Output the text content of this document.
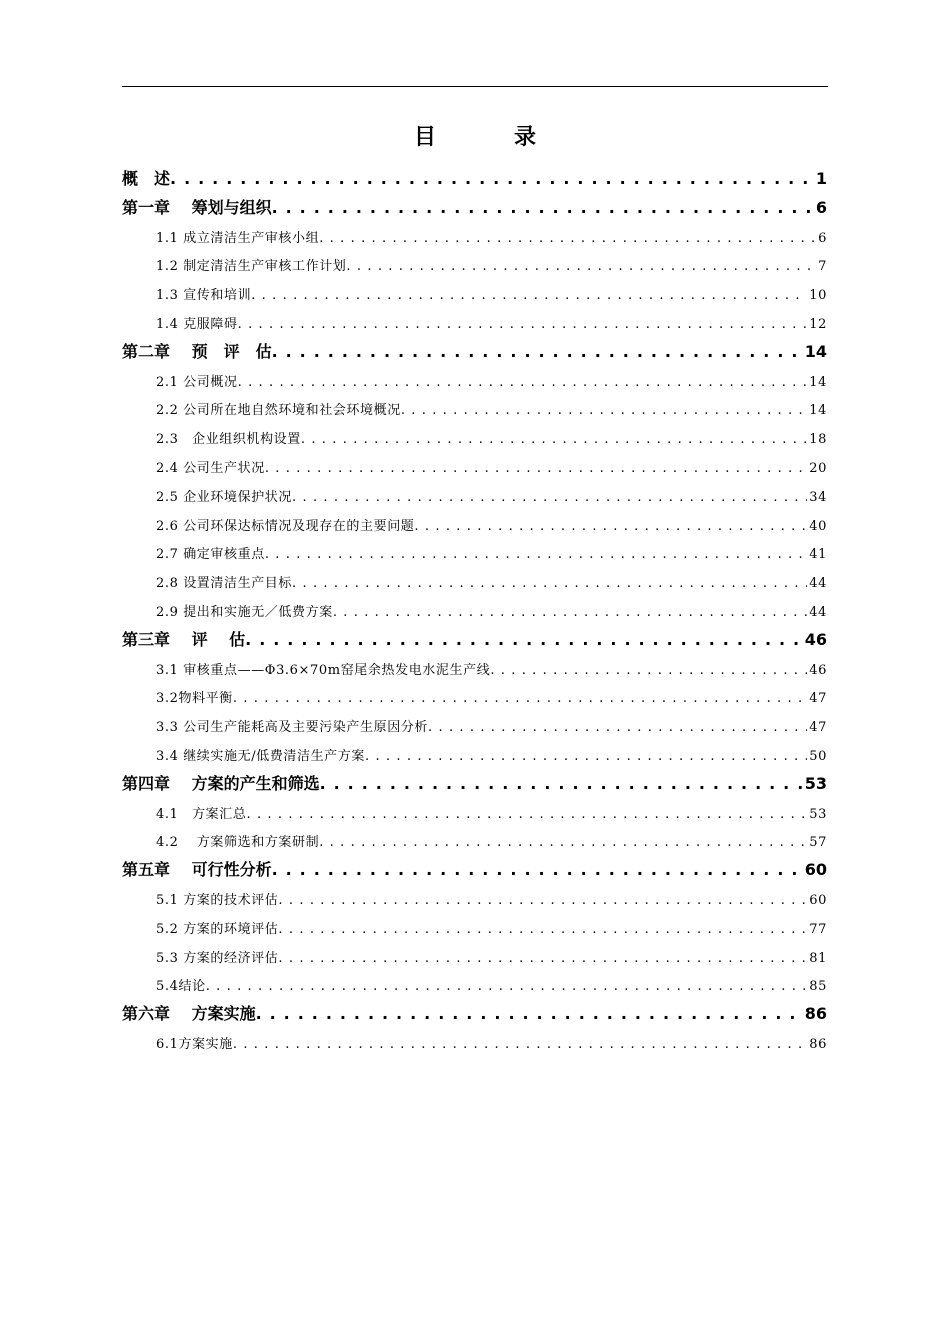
目　录
概　述 . . .	1
第一章　 筹划与组织 . . .	6
1.1 成立清洁生产审核小组 . . .	6
1.2 制定清洁生产审核工作计划 . . .	7
1.3 宣传和培训 . . .	10
1.4 克服障碍 . . .	12
第二章　 预　评　估 . . .	14
2.1 公司概况 . . .	14
2.2 公司所在地自然环境和社会环境概况 . . .	14
2.3　企业组织机构设置 . . .	18
2.4 公司生产状况 . . .	20
2.5 企业环境保护状况 . . .	34
2.6 公司环保达标情况及现存在的主要问题 . . .	40
2.7 确定审核重点 . . .	41
2.8 设置清洁生产目标 . . .	44
2.9 提出和实施无／低费方案 . . .	44
第三章　 评　 估 . . .	46
3.1 审核重点——Φ3.6×70m窑尾余热发电水泥生产线 . . .	46
3.2物料平衡 . . .	47
3.3 公司生产能耗高及主要污染产生原因分析 . . .	47
3.4 继续实施无/低费清洁生产方案 . . .	50
第四章　 方案的产生和筛选 . . .	53
4.1　方案汇总 . . .	53
4.2　 方案筛选和方案研制 . . .	57
第五章　 可行性分析 . . .	60
5.1 方案的技术评估 . . .	60
5.2 方案的环境评估 . . .	77
5.3 方案的经济评估 . . .	81
5.4结论 . . .	85
第六章　 方案实施 . . .	86
6.1方案实施 . . .	86
